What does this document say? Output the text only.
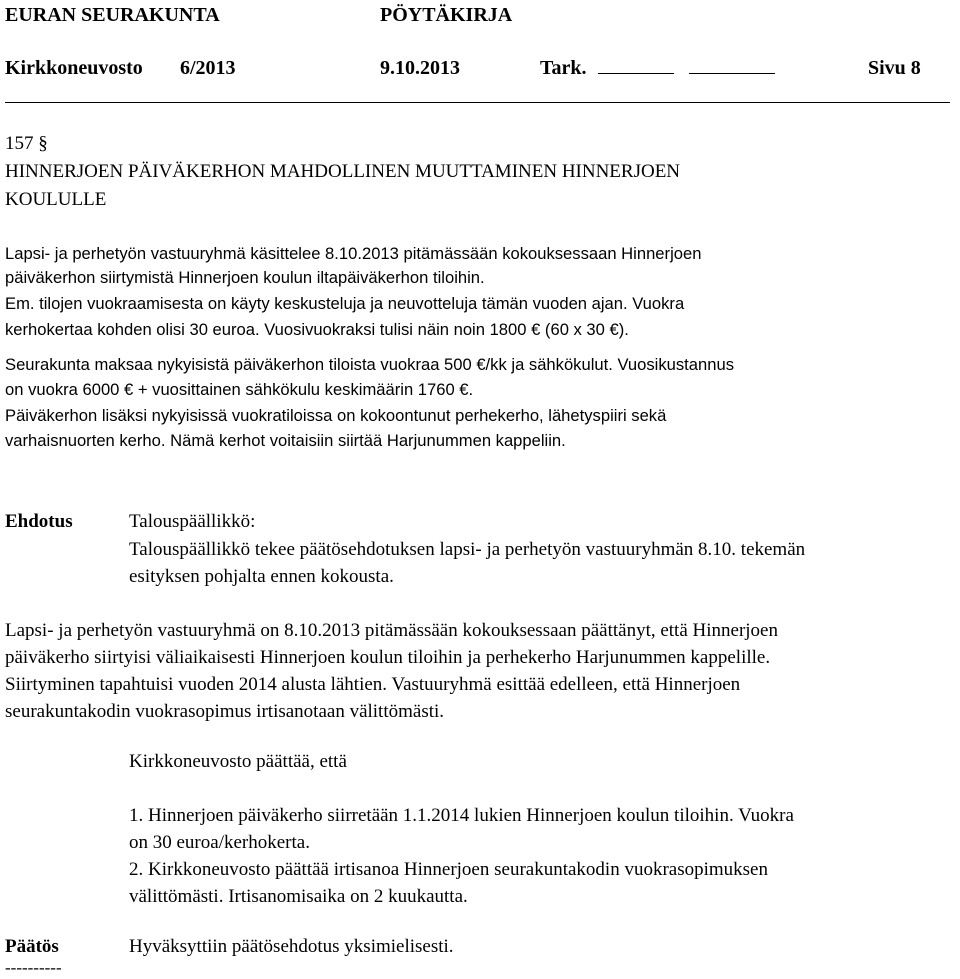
EURAN SEURAKUNTA	PÖYTÄKIRJA
Kirkkoneuvosto 6/2013	9.10.2013	Tark.	Sivu 8
157 §
HINNERJOEN PÄIVÄKERHON MAHDOLLINEN MUUTTAMINEN HINNERJOEN
KOULULLE
Lapsi- ja perhetyön vastuuryhmä käsittelee 8.10.2013 pitämässään kokouksessaan Hinnerjoen
päiväkerhon siirtymistä Hinnerjoen koulun iltapäiväkerhon tiloihin.
Em. tilojen vuokraamisesta on käyty keskusteluja ja neuvotteluja tämän vuoden ajan. Vuokra
kerhokertaa kohden olisi 30 euroa. Vuosivuokraksi tulisi näin noin 1800 € (60 x 30 €).
Seurakunta maksaa nykyisistä päiväkerhon tiloista vuokraa 500 €/kk ja sähkökulut. Vuosikustannus
on vuokra 6000 € + vuosittainen sähkökulu keskimäärin 1760 €.
Päiväkerhon lisäksi nykyisissä vuokratiloissa on kokoontunut perhekerho, lähetyspiiri sekä
varhaisnuorten kerho. Nämä kerhot voitaisiin siirtää Harjunummen kappeliin.
Ehdotus	Talouspäällikkö:
Talouspäällikkö tekee päätösehdotuksen lapsi- ja perhetyön vastuuryhmän 8.10. tekemän
esityksen pohjalta ennen kokousta.
Lapsi- ja perhetyön vastuuryhmä on 8.10.2013 pitämässään kokouksessaan päättänyt, että Hinnerjoen
päiväkerho siirtyisi väliaikaisesti Hinnerjoen koulun tiloihin ja perhekerho Harjunummen kappelille.
Siirtyminen tapahtuisi vuoden 2014 alusta lähtien. Vastuuryhmä esittää edelleen, että Hinnerjoen
seurakuntakodin vuokrasopimus irtisanotaan välittömästi.
Kirkkoneuvosto päättää, että
1. Hinnerjoen päiväkerho siirretään 1.1.2014 lukien Hinnerjoen koulun tiloihin. Vuokra
on 30 euroa/kerhokerta.
2. Kirkkoneuvosto päättää irtisanoa Hinnerjoen seurakuntakodin vuokrasopimuksen
välittömästi. Irtisanomisaika on 2 kuukautta.
Päätös	Hyväksyttiin päätösehdotus yksimielisesti.
----------
